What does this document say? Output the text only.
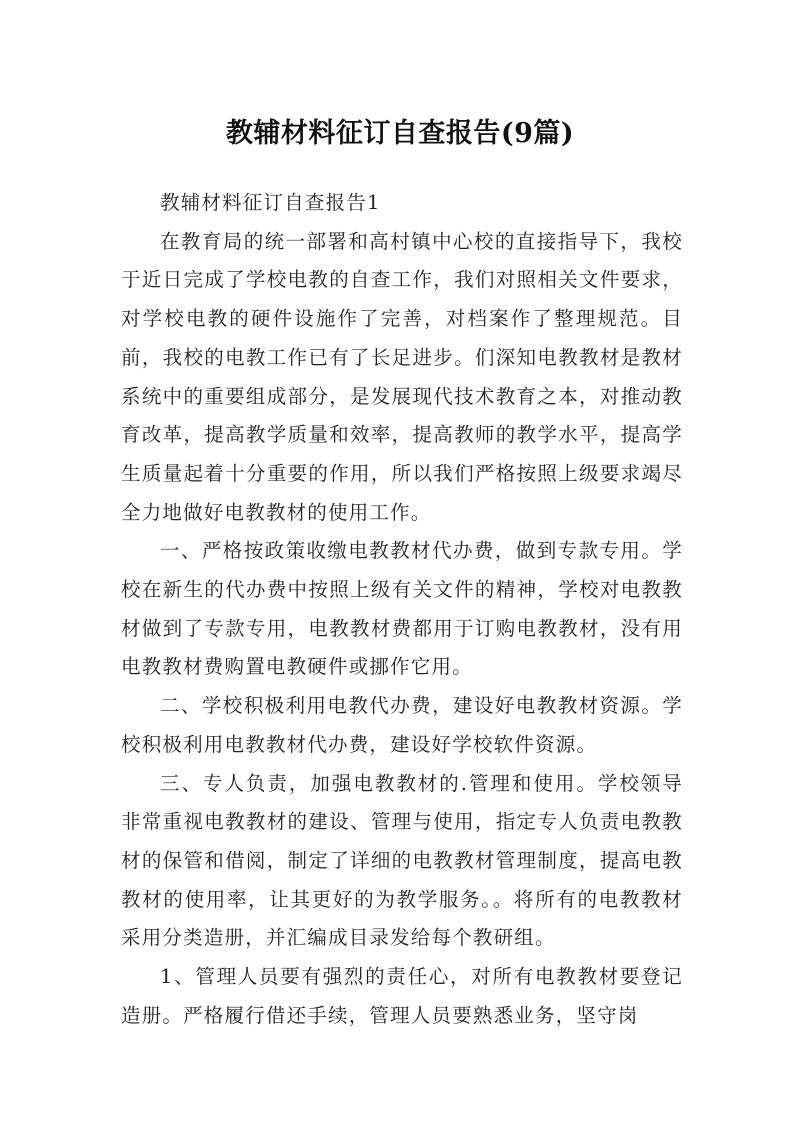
教辅材料征订自查报告(9篇)

教辅材料征订自查报告1

在教育局的统一部署和高村镇中心校的直接指导下，我校于近日完成了学校电教的自查工作，我们对照相关文件要求，对学校电教的硬件设施作了完善，对档案作了整理规范。目前，我校的电教工作已有了长足进步。们深知电教教材是教材系统中的重要组成部分，是发展现代技术教育之本，对推动教育改革，提高教学质量和效率，提高教师的教学水平，提高学生质量起着十分重要的作用，所以我们严格按照上级要求竭尽全力地做好电教教材的使用工作。

一、严格按政策收缴电教教材代办费，做到专款专用。学校在新生的代办费中按照上级有关文件的精神，学校对电教教材做到了专款专用，电教教材费都用于订购电教教材，没有用电教教材费购置电教硬件或挪作它用。

二、学校积极利用电教代办费，建设好电教教材资源。学校积极利用电教教材代办费，建设好学校软件资源。

三、专人负责，加强电教教材的.管理和使用。学校领导非常重视电教教材的建设、管理与使用，指定专人负责电教教材的保管和借阅，制定了详细的电教教材管理制度，提高电教教材的使用率，让其更好的为教学服务。。将所有的电教教材采用分类造册，并汇编成目录发给每个教研组。

1、管理人员要有强烈的责任心，对所有电教教材要登记造册。严格履行借还手续，管理人员要熟悉业务，坚守岗
